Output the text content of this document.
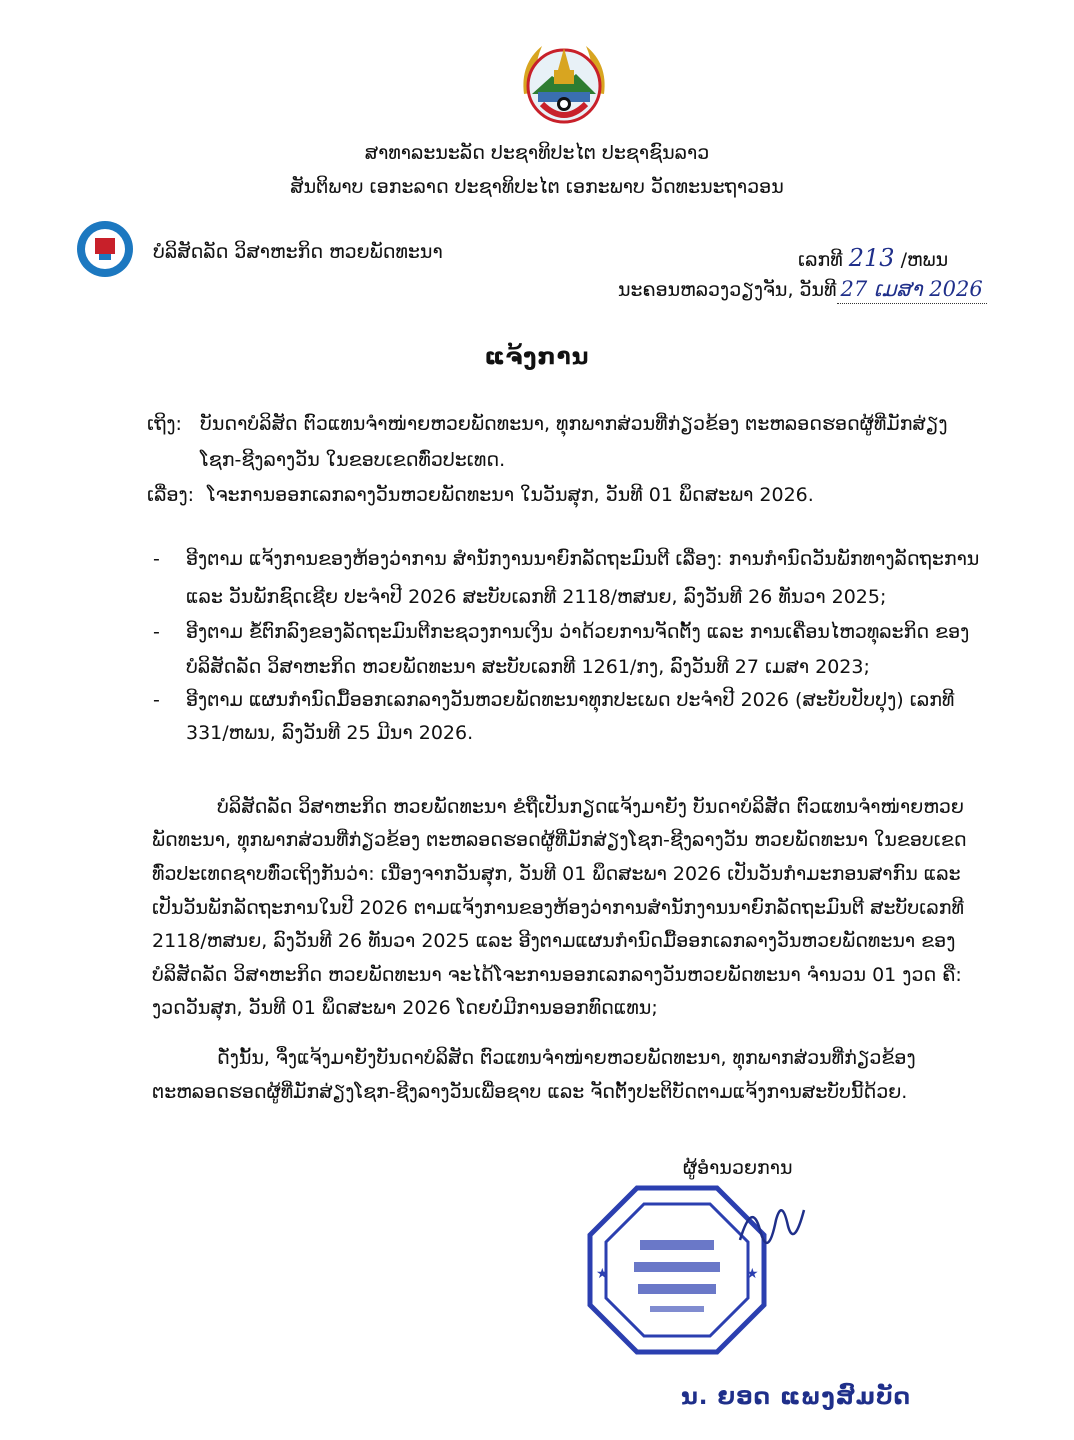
ສາທາລະນະລັດ ປະຊາທິປະໄຕ ປະຊາຊົນລາວ
ສັນຕິພາບ ເອກະລາດ ປະຊາທິປະໄຕ ເອກະພາບ ວັດທະນະຖາວອນ
ບໍລິສັດລັດ ວິສາຫະກິດ ຫວຍພັດທະນາ	ເລກທີ 213 /ຫພນ
ນະຄອນຫລວງວຽງຈັນ, ວັນທີ 27 ເມສາ 2026
ແຈ້ງການ
ເຖິງ: ບັນດາບໍລິສັດ ຕົວແທນຈຳໜ່າຍຫວຍພັດທະນາ, ທຸກພາກສ່ວນທີ່ກ່ຽວຂ້ອງ ຕະຫລອດຮອດຜູ້ທີ່ມັກສ່ຽງ
ໂຊກ-ຊີງລາງວັນ ໃນຂອບເຂດທົ່ວປະເທດ.
ເລື່ອງ: ໂຈະການອອກເລກລາງວັນຫວຍພັດທະນາ ໃນວັນສຸກ, ວັນທີ 01 ພຶດສະພາ 2026.
- ອີງຕາມ ແຈ້ງການຂອງຫ້ອງວ່າການ ສຳນັກງານນາຍົກລັດຖະມົນຕີ ເລື່ອງ: ການກຳນົດວັນພັກທາງລັດຖະການ
ແລະ ວັນພັກຊົດເຊີຍ ປະຈຳປີ 2026 ສະບັບເລກທີ 2118/ຫສນຍ, ລົງວັນທີ 26 ທັນວາ 2025;
- ອີງຕາມ ຂໍ້ຕົກລົງຂອງລັດຖະມົນຕີກະຊວງການເງິນ ວ່າດ້ວຍການຈັດຕັ້ງ ແລະ ການເຄື່ອນໄຫວທຸລະກິດ ຂອງ
ບໍລິສັດລັດ ວິສາຫະກິດ ຫວຍພັດທະນາ ສະບັບເລກທີ 1261/ກງ, ລົງວັນທີ 27 ເມສາ 2023;
- ອີງຕາມ ແຜນກຳນົດມື້ອອກເລກລາງວັນຫວຍພັດທະນາທຸກປະເພດ ປະຈຳປີ 2026 (ສະບັບປັບປຸງ) ເລກທີ
331/ຫພນ, ລົງວັນທີ 25 ມີນາ 2026.
ບໍລິສັດລັດ ວິສາຫະກິດ ຫວຍພັດທະນາ ຂໍຖືເປັນກຽດແຈ້ງມາຍັງ ບັນດາບໍລິສັດ ຕົວແທນຈຳໜ່າຍຫວຍ
ພັດທະນາ, ທຸກພາກສ່ວນທີ່ກ່ຽວຂ້ອງ ຕະຫລອດຮອດຜູ້ທີ່ມັກສ່ຽງໂຊກ-ຊີງລາງວັນ ຫວຍພັດທະນາ ໃນຂອບເຂດ
ທົ່ວປະເທດຊາບທົ່ວເຖິງກັນວ່າ: ເນື່ອງຈາກວັນສຸກ, ວັນທີ 01 ພຶດສະພາ 2026 ເປັນວັນກຳມະກອນສາກົນ ແລະ
ເປັນວັນພັກລັດຖະການໃນປີ 2026 ຕາມແຈ້ງການຂອງຫ້ອງວ່າການສຳນັກງານນາຍົກລັດຖະມົນຕີ ສະບັບເລກທີ
2118/ຫສນຍ, ລົງວັນທີ 26 ທັນວາ 2025 ແລະ ອີງຕາມແຜນກຳນົດມື້ອອກເລກລາງວັນຫວຍພັດທະນາ ຂອງ
ບໍລິສັດລັດ ວິສາຫະກິດ ຫວຍພັດທະນາ ຈະໄດ້ໂຈະການອອກເລກລາງວັນຫວຍພັດທະນາ ຈຳນວນ 01 ງວດ ຄື:
ງວດວັນສຸກ, ວັນທີ 01 ພຶດສະພາ 2026 ໂດຍບໍ່ມີການອອກທົດແທນ;
ດັ່ງນັ້ນ, ຈຶ່ງແຈ້ງມາຍັງບັນດາບໍລິສັດ ຕົວແທນຈຳໜ່າຍຫວຍພັດທະນາ, ທຸກພາກສ່ວນທີ່ກ່ຽວຂ້ອງ
ຕະຫລອດຮອດຜູ້ທີ່ມັກສ່ຽງໂຊກ-ຊີງລາງວັນເພື່ອຊາບ ແລະ ຈັດຕັ້ງປະຕິບັດຕາມແຈ້ງການສະບັບນີ້ດ້ວຍ.
ຜູ້ອຳນວຍການ
★	★
ນ. ຍອດ ແພງສົມບັດ
